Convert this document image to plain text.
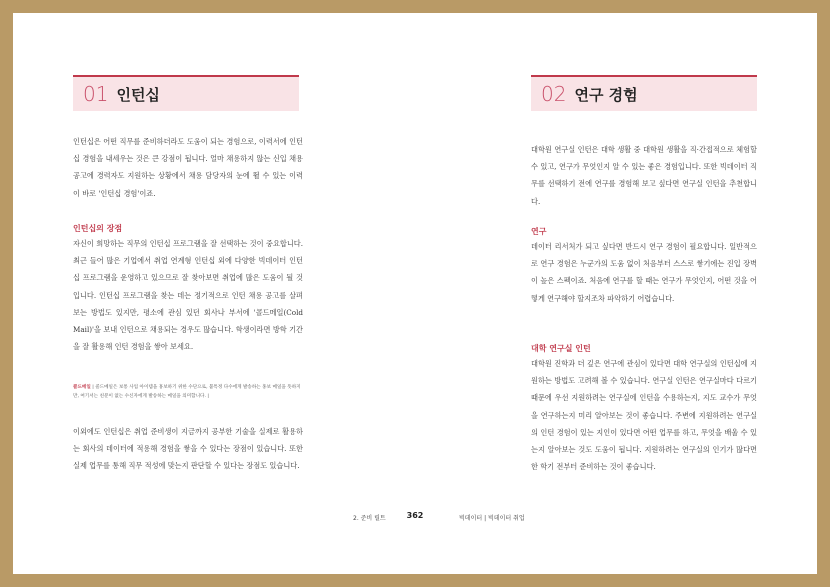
01 인턴십

인턴십은 어떤 직무를 준비하더라도 도움이 되는 경험으로, 이력서에 인턴십 경험을 내세우는 것은 큰 강점이 됩니다. 얼마 채용하지 않는 신입 채용 공고에 경력자도 지원하는 상황에서 채용 담당자의 눈에 뛸 수 있는 이력이 바로 '인턴십 경험'이죠.

인턴십의 장점

자신이 희망하는 직무의 인턴십 프로그램을 잘 선택하는 것이 중요합니다. 최근 들어 많은 기업에서 취업 연계형 인턴십 외에 다양한 빅데이터 인턴십 프로그램을 운영하고 있으므로 잘 찾아보면 취업에 많은 도움이 될 것입니다. 인턴십 프로그램을 찾는 데는 정기적으로 인턴 채용 공고를 살펴보는 방법도 있지만, 평소에 관심 있던 회사나 부서에 '콜드메일(Cold Mail)'을 보내 인턴으로 채용되는 경우도 많습니다. 학생이라면 방학 기간을 잘 활용해 인턴 경험을 쌓아 보세요.

콜드메일 | 콜드메일은 보통 사업 아이템을 홍보하기 위한 수단으로, 불특정 다수에게 발송하는 홍보 메일을 뜻하지만, 여기서는 친분이 없는 수신자에게 발송하는 메일을 의미합니다. |

이외에도 인턴십은 취업 준비생이 지금까지 공부한 기술을 실제로 활용하는 회사의 데이터에 적용해 경험을 쌓을 수 있다는 장점이 있습니다. 또한 실제 업무를 통해 직무 적성에 맞는지 판단할 수 있다는 장점도 있습니다.

2. 준비 릴트	362
02 연구 경험

대학원 연구실 인턴은 대학 생활 중 대학원 생활을 직·간접적으로 체험할 수 있고, 연구가 무엇인지 알 수 있는 좋은 경험입니다. 또한 빅데이터 직무를 선택하기 전에 연구를 경험해 보고 싶다면 연구실 인턴을 추천합니다.

연구

데이터 리서처가 되고 싶다면 반드시 연구 경험이 필요합니다. 일반적으로 연구 경험은 누군가의 도움 없이 처음부터 스스로 쌓기에는 진입 장벽이 높은 스펙이죠. 처음에 연구를 할 때는 연구가 무엇인지, 어떤 것을 어떻게 연구해야 할지조차 파악하기 어렵습니다.

대학 연구실 인턴

대학원 진학과 더 깊은 연구에 관심이 있다면 대학 연구실의 인턴십에 지원하는 방법도 고려해 볼 수 있습니다. 연구실 인턴은 연구실마다 다르기 때문에 우선 지원하려는 연구실에 인턴을 수용하는지, 지도 교수가 무엇을 연구하는지 미리 알아보는 것이 좋습니다. 주변에 지원하려는 연구실의 인턴 경험이 있는 지인이 있다면 어떤 업무를 하고, 무엇을 배울 수 있는지 알아보는 것도 도움이 됩니다. 지원하려는 연구실의 인기가 많다면 한 학기 전부터 준비하는 것이 좋습니다.

빅데이터 | 빅데이터 취업
